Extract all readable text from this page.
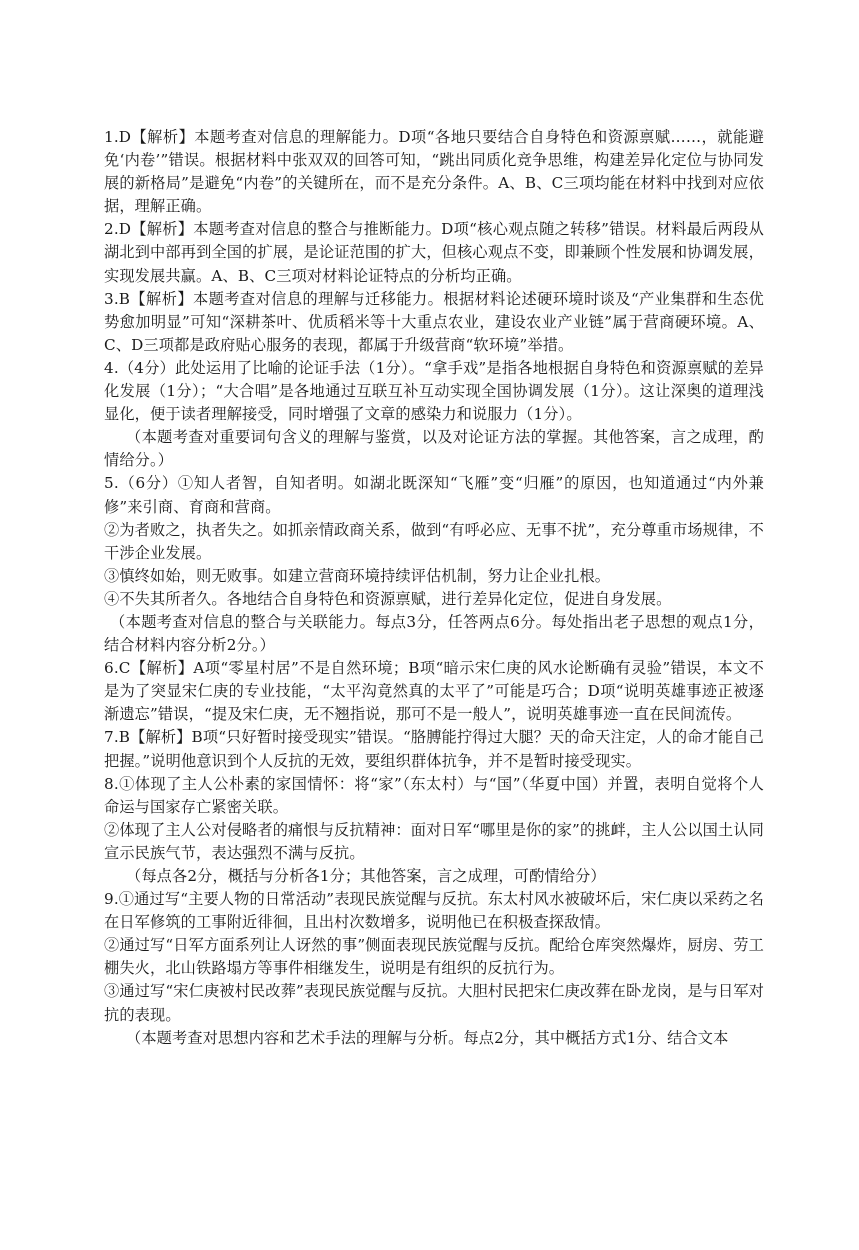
1.D【解析】本题考查对信息的理解能力。D项“各地只要结合自身特色和资源禀赋……，就能避免‘内卷’”错误。根据材料中张双双的回答可知，“跳出同质化竞争思维，构建差异化定位与协同发展的新格局”是避免“内卷”的关键所在，而不是充分条件。A、B、C三项均能在材料中找到对应依据，理解正确。

2.D【解析】本题考查对信息的整合与推断能力。D项“核心观点随之转移”错误。材料最后两段从湖北到中部再到全国的扩展，是论证范围的扩大，但核心观点不变，即兼顾个性发展和协调发展，实现发展共赢。A、B、C三项对材料论证特点的分析均正确。

3.B【解析】本题考查对信息的理解与迁移能力。根据材料论述硬环境时谈及“产业集群和生态优势愈加明显”可知“深耕茶叶、优质稻米等十大重点农业，建设农业产业链”属于营商硬环境。A、C、D三项都是政府贴心服务的表现，都属于升级营商“软环境”举措。

4.（4分）此处运用了比喻的论证手法（1分）。“拿手戏”是指各地根据自身特色和资源禀赋的差异化发展（1分）；“大合唱”是各地通过互联互补互动实现全国协调发展（1分）。这让深奥的道理浅显化，便于读者理解接受，同时增强了文章的感染力和说服力（1分）。

（本题考查对重要词句含义的理解与鉴赏，以及对论证方法的掌握。其他答案，言之成理，酌情给分。）

5.（6分）①知人者智，自知者明。如湖北既深知“飞雁”变“归雁”的原因，也知道通过“内外兼修”来引商、育商和营商。

②为者败之，执者失之。如抓亲情政商关系，做到“有呼必应、无事不扰”，充分尊重市场规律，不干涉企业发展。

③慎终如始，则无败事。如建立营商环境持续评估机制，努力让企业扎根。

④不失其所者久。各地结合自身特色和资源禀赋，进行差异化定位，促进自身发展。

（本题考查对信息的整合与关联能力。每点3分，任答两点6分。每处指出老子思想的观点1分，结合材料内容分析2分。）

6.C【解析】A项“零星村居”不是自然环境；B项“暗示宋仁庚的风水论断确有灵验”错误，本文不是为了突显宋仁庚的专业技能，“太平沟竟然真的太平了”可能是巧合；D项“说明英雄事迹正被逐渐遗忘”错误，“提及宋仁庚，无不翘指说，那可不是一般人”，说明英雄事迹一直在民间流传。

7.B【解析】B项“只好暂时接受现实”错误。“胳膊能拧得过大腿？天的命天注定，人的命才能自己把握。”说明他意识到个人反抗的无效，要组织群体抗争，并不是暂时接受现实。

8.①体现了主人公朴素的家国情怀：将“家”（东太村）与“国”（华夏中国）并置，表明自觉将个人命运与国家存亡紧密关联。

②体现了主人公对侵略者的痛恨与反抗精神：面对日军“哪里是你的家”的挑衅，主人公以国土认同宣示民族气节，表达强烈不满与反抗。

（每点各2分，概括与分析各1分；其他答案，言之成理，可酌情给分）

9.①通过写“主要人物的日常活动”表现民族觉醒与反抗。东太村风水被破坏后，宋仁庚以采药之名在日军修筑的工事附近徘徊，且出村次数增多，说明他已在积极查探敌情。

②通过写“日军方面系列让人讶然的事”侧面表现民族觉醒与反抗。配给仓库突然爆炸，厨房、劳工棚失火，北山铁路塌方等事件相继发生，说明是有组织的反抗行为。

③通过写“宋仁庚被村民改葬”表现民族觉醒与反抗。大胆村民把宋仁庚改葬在卧龙岗，是与日军对抗的表现。

（本题考查对思想内容和艺术手法的理解与分析。每点2分，其中概括方式1分、结合文本
